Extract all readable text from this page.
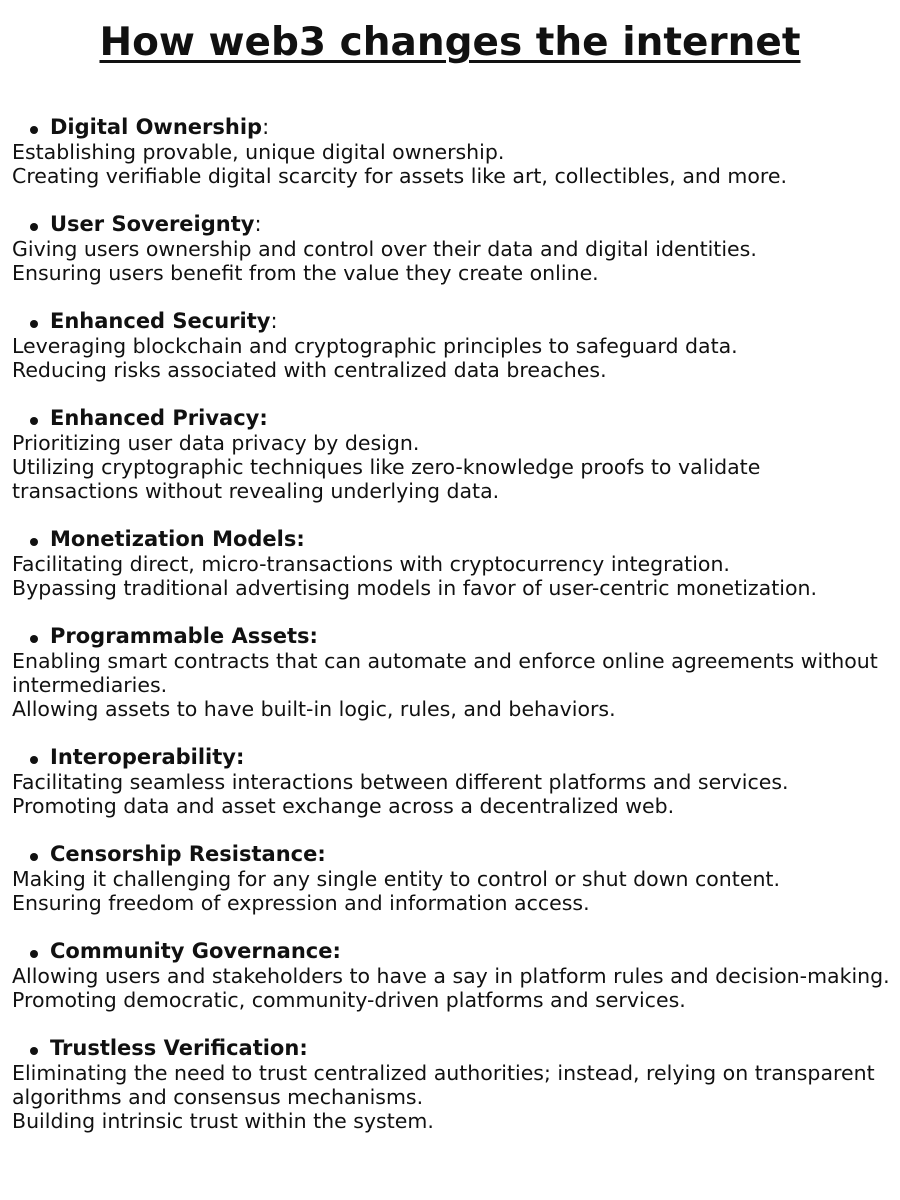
How web3 changes the internet
Digital Ownership:
Establishing provable, unique digital ownership.
Creating verifiable digital scarcity for assets like art, collectibles, and more.
User Sovereignty:
Giving users ownership and control over their data and digital identities.
Ensuring users benefit from the value they create online.
Enhanced Security:
Leveraging blockchain and cryptographic principles to safeguard data.
Reducing risks associated with centralized data breaches.
Enhanced Privacy:
Prioritizing user data privacy by design.
Utilizing cryptographic techniques like zero-knowledge proofs to validate transactions without revealing underlying data.
Monetization Models:
Facilitating direct, micro-transactions with cryptocurrency integration.
Bypassing traditional advertising models in favor of user-centric monetization.
Programmable Assets:
Enabling smart contracts that can automate and enforce online agreements without intermediaries.
Allowing assets to have built-in logic, rules, and behaviors.
Interoperability:
Facilitating seamless interactions between different platforms and services.
Promoting data and asset exchange across a decentralized web.
Censorship Resistance:
Making it challenging for any single entity to control or shut down content.
Ensuring freedom of expression and information access.
Community Governance:
Allowing users and stakeholders to have a say in platform rules and decision-making.
Promoting democratic, community-driven platforms and services.
Trustless Verification:
Eliminating the need to trust centralized authorities; instead, relying on transparent algorithms and consensus mechanisms.
Building intrinsic trust within the system.
